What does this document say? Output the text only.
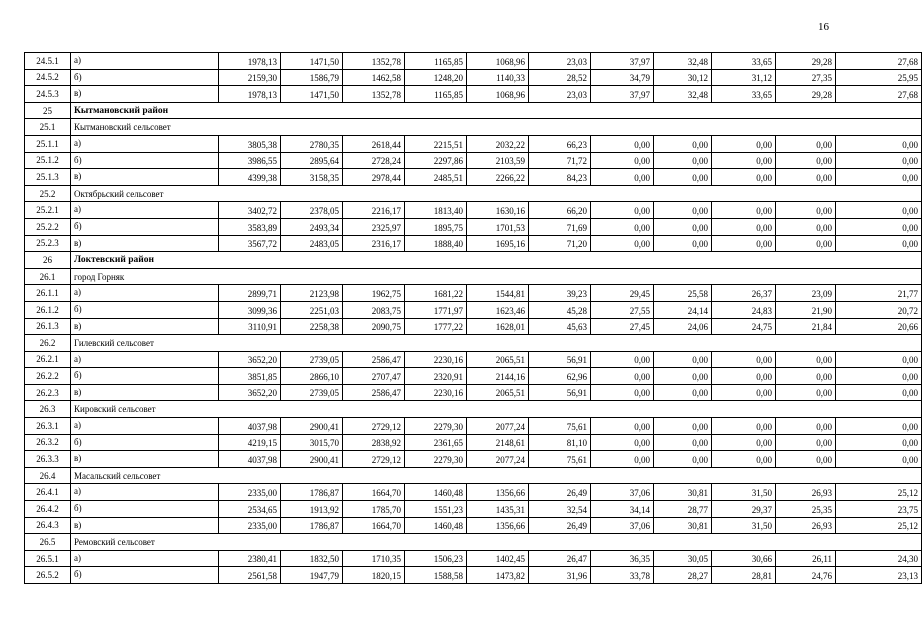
16
24.5.1	а)	1978,13	1471,50	1352,78	1165,85	1068,96	23,03	37,97	32,48	33,65	29,28	27,68
24.5.2	б)	2159,30	1586,79	1462,58	1248,20	1140,33	28,52	34,79	30,12	31,12	27,35	25,95
24.5.3	в)	1978,13	1471,50	1352,78	1165,85	1068,96	23,03	37,97	32,48	33,65	29,28	27,68
25	Кытмановский район											
25.1	Кытмановский сельсовет											
25.1.1	а)	3805,38	2780,35	2618,44	2215,51	2032,22	66,23	0,00	0,00	0,00	0,00	0,00
25.1.2	б)	3986,55	2895,64	2728,24	2297,86	2103,59	71,72	0,00	0,00	0,00	0,00	0,00
25.1.3	в)	4399,38	3158,35	2978,44	2485,51	2266,22	84,23	0,00	0,00	0,00	0,00	0,00
25.2	Октябрьский сельсовет											
25.2.1	а)	3402,72	2378,05	2216,17	1813,40	1630,16	66,20	0,00	0,00	0,00	0,00	0,00
25.2.2	б)	3583,89	2493,34	2325,97	1895,75	1701,53	71,69	0,00	0,00	0,00	0,00	0,00
25.2.3	в)	3567,72	2483,05	2316,17	1888,40	1695,16	71,20	0,00	0,00	0,00	0,00	0,00
26	Локтевский район											
26.1	город Горняк											
26.1.1	а)	2899,71	2123,98	1962,75	1681,22	1544,81	39,23	29,45	25,58	26,37	23,09	21,77
26.1.2	б)	3099,36	2251,03	2083,75	1771,97	1623,46	45,28	27,55	24,14	24,83	21,90	20,72
26.1.3	в)	3110,91	2258,38	2090,75	1777,22	1628,01	45,63	27,45	24,06	24,75	21,84	20,66
26.2	Гилевский сельсовет											
26.2.1	а)	3652,20	2739,05	2586,47	2230,16	2065,51	56,91	0,00	0,00	0,00	0,00	0,00
26.2.2	б)	3851,85	2866,10	2707,47	2320,91	2144,16	62,96	0,00	0,00	0,00	0,00	0,00
26.2.3	в)	3652,20	2739,05	2586,47	2230,16	2065,51	56,91	0,00	0,00	0,00	0,00	0,00
26.3	Кировский сельсовет											
26.3.1	а)	4037,98	2900,41	2729,12	2279,30	2077,24	75,61	0,00	0,00	0,00	0,00	0,00
26.3.2	б)	4219,15	3015,70	2838,92	2361,65	2148,61	81,10	0,00	0,00	0,00	0,00	0,00
26.3.3	в)	4037,98	2900,41	2729,12	2279,30	2077,24	75,61	0,00	0,00	0,00	0,00	0,00
26.4	Масальский сельсовет											
26.4.1	а)	2335,00	1786,87	1664,70	1460,48	1356,66	26,49	37,06	30,81	31,50	26,93	25,12
26.4.2	б)	2534,65	1913,92	1785,70	1551,23	1435,31	32,54	34,14	28,77	29,37	25,35	23,75
26.4.3	в)	2335,00	1786,87	1664,70	1460,48	1356,66	26,49	37,06	30,81	31,50	26,93	25,12
26.5	Ремовский сельсовет											
26.5.1	а)	2380,41	1832,50	1710,35	1506,23	1402,45	26,47	36,35	30,05	30,66	26,11	24,30
26.5.2	б)	2561,58	1947,79	1820,15	1588,58	1473,82	31,96	33,78	28,27	28,81	24,76	23,13
